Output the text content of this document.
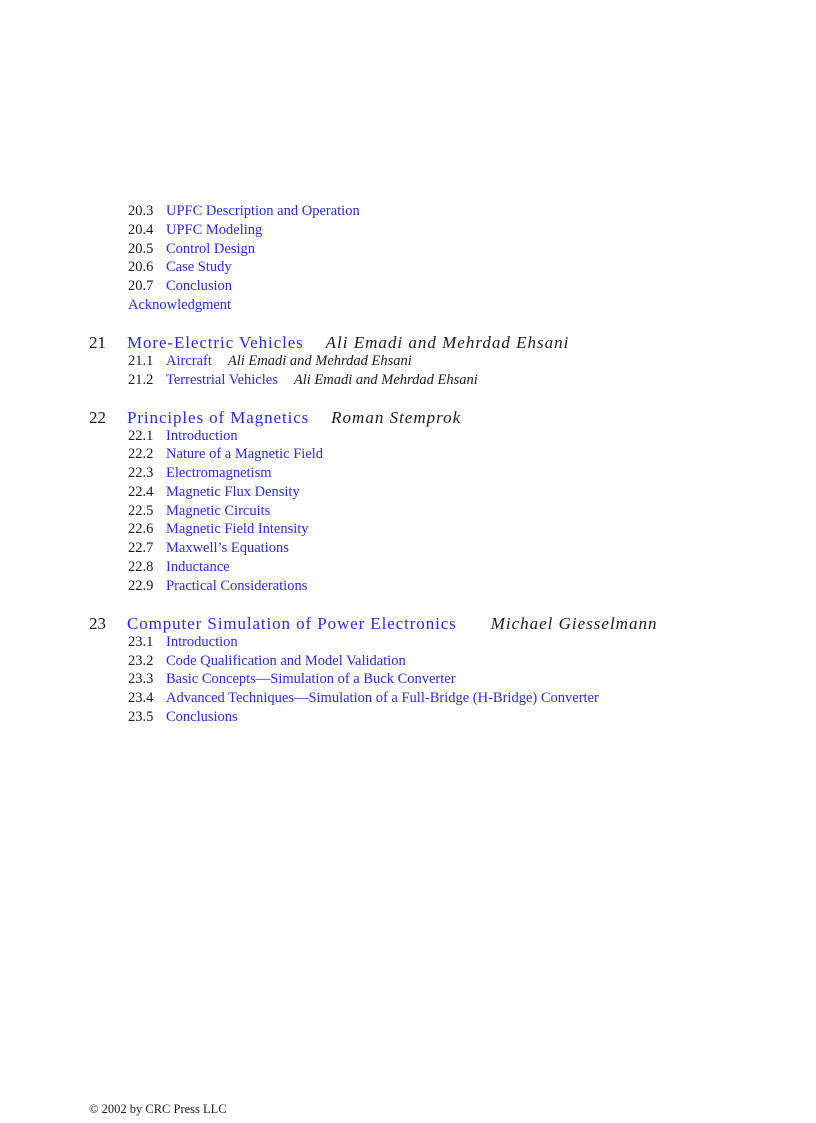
20.3 UPFC Description and Operation
20.4 UPFC Modeling
20.5 Control Design
20.6 Case Study
20.7 Conclusion
Acknowledgment
21 More-Electric Vehicles Ali Emadi and Mehrdad Ehsani
21.1 Aircraft Ali Emadi and Mehrdad Ehsani
21.2 Terrestrial Vehicles Ali Emadi and Mehrdad Ehsani
22 Principles of Magnetics Roman Stemprok
22.1 Introduction
22.2 Nature of a Magnetic Field
22.3 Electromagnetism
22.4 Magnetic Flux Density
22.5 Magnetic Circuits
22.6 Magnetic Field Intensity
22.7 Maxwell’s Equations
22.8 Inductance
22.9 Practical Considerations
23 Computer Simulation of Power Electronics Michael Giesselmann
23.1 Introduction
23.2 Code Qualification and Model Validation
23.3 Basic Concepts—Simulation of a Buck Converter
23.4 Advanced Techniques—Simulation of a Full-Bridge (H-Bridge) Converter
23.5 Conclusions
© 2002 by CRC Press LLC
